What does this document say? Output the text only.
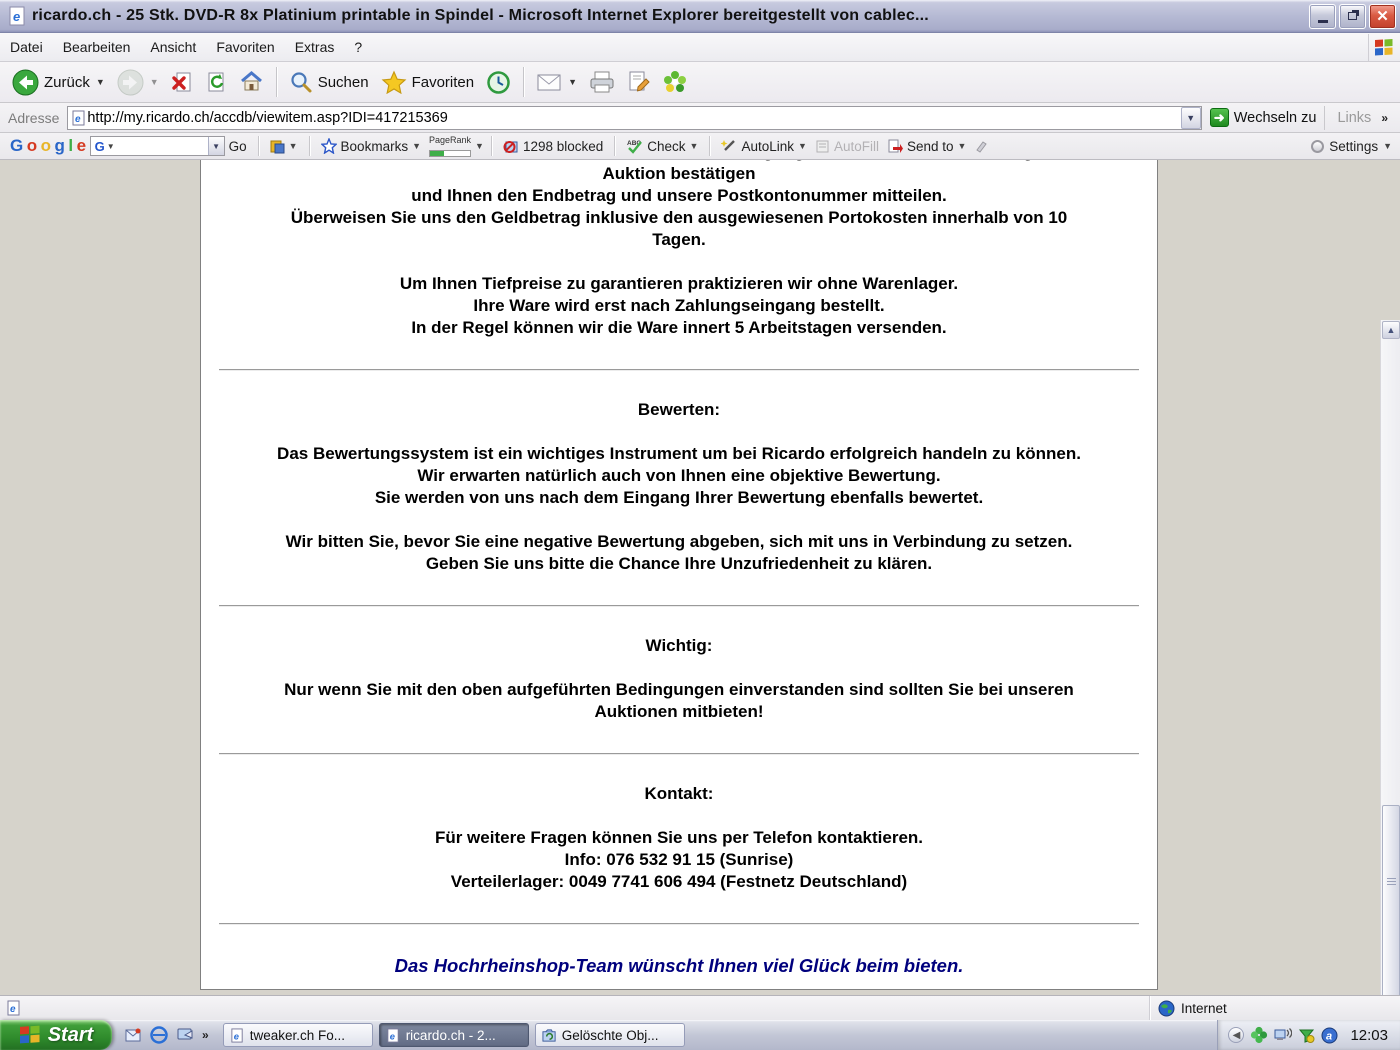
e ricardo.ch - 25 Stk. DVD-R 8x Platinium printable in Spindel - Microsoft Internet Explorer bereitgestellt von cablec...	✕
Datei	Bearbeiten	Ansicht	Favoriten	Extras	?
Zurück ▼	▼	Suchen	Favoriten	▼
Adresse	e
http://my.ricardo.ch/accdb/viewitem.asp?IDI=417215369	▼	➜ Wechseln zu Links »
G o o g l e G ▼	▼ Go	▼	Bookmarks ▼
PageRank
▼	1298 blocked	ABC Check ▼	AutoLink ▼ AutoFill Send to ▼	Settings ▼
Auktion bestätigen
und Ihnen den Endbetrag und unsere Postkontonummer mitteilen.
Überweisen Sie uns den Geldbetrag inklusive den ausgewiesenen Portokosten innerhalb von 10
Tagen.
Um Ihnen Tiefpreise zu garantieren praktizieren wir ohne Warenlager.
Ihre Ware wird erst nach Zahlungseingang bestellt.
In der Regel können wir die Ware innert 5 Arbeitstagen versenden.
Bewerten:
Das Bewertungssystem ist ein wichtiges Instrument um bei Ricardo erfolgreich handeln zu können.
Wir erwarten natürlich auch von Ihnen eine objektive Bewertung.
Sie werden von uns nach dem Eingang Ihrer Bewertung ebenfalls bewertet.
Wir bitten Sie, bevor Sie eine negative Bewertung abgeben, sich mit uns in Verbindung zu setzen.
Geben Sie uns bitte die Chance Ihre Unzufriedenheit zu klären.
Wichtig:
Nur wenn Sie mit den oben aufgeführten Bedingungen einverstanden sind sollten Sie bei unseren
Auktionen mitbieten!
Kontakt:
Für weitere Fragen können Sie uns per Telefon kontaktieren.
Info: 076 532 91 15 (Sunrise)
Verteilerlager: 0049 7741 606 494 (Festnetz Deutschland)
Das Hochrheinshop-Team wünscht Ihnen viel Glück beim bieten.
▲
e	Internet
Start	» e tweaker.ch Fo...	e ricardo.ch - 2...	Gelöschte Obj...	◀	a 12:03
